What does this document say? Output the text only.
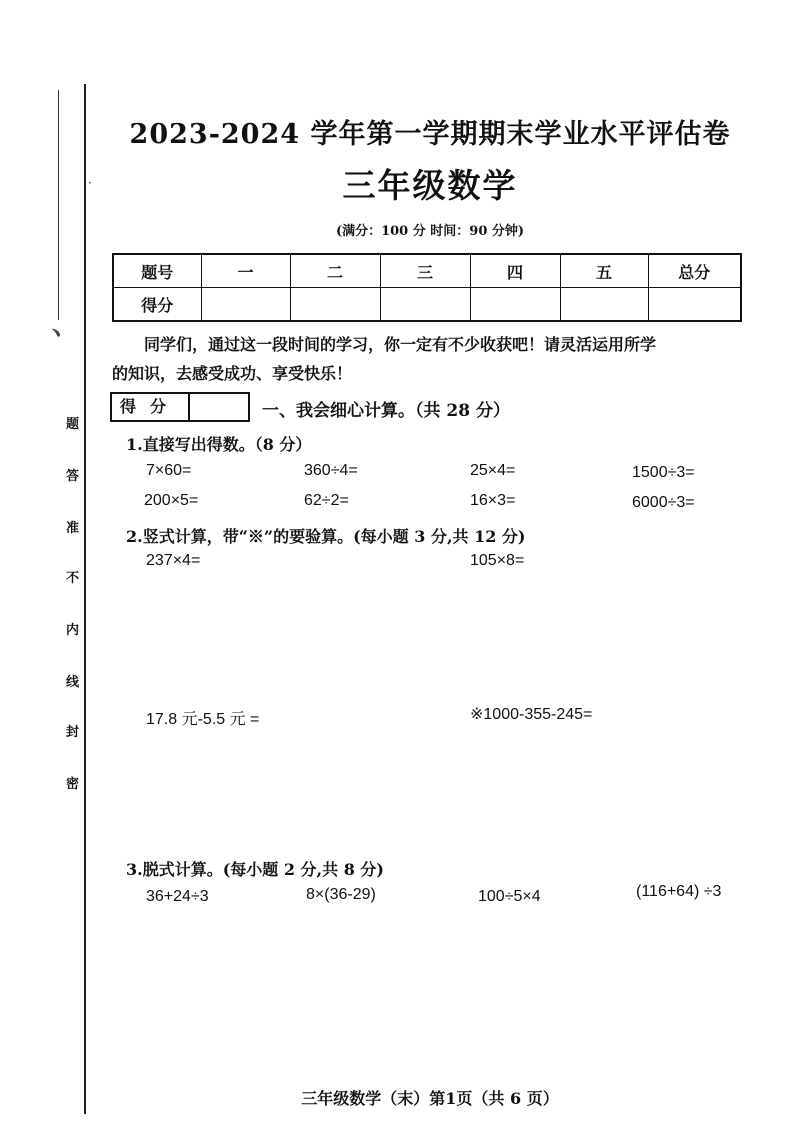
·
﹅
题
答
准
不
内
线
封
密
2023-2024 学年第一学期期末学业水平评估卷
三年级数学
(满分：100 分 时间：90 分钟)
题号	一	二	三	四	五	总分
得分						
同学们，通过这一段时间的学习，你一定有不少收获吧！请灵活运用所学
的知识，去感受成功、享受快乐！
得分	一、我会细心计算。（共 28 分）
1.直接写出得数。（8 分）
7×60=	360÷4=	25×4=	1500÷3=
200×5=	62÷2=	16×3=	6000÷3=
2.竖式计算，带“※”的要验算。(每小题 3 分,共 12 分)
237×4=	105×8=
17.8 元-5.5 元 =	※1000-355-245=
3.脱式计算。(每小题 2 分,共 8 分)
36+24÷3	8×(36-29)	100÷5×4	(116+64) ÷3
三年级数学（末）第1页（共 6 页）
